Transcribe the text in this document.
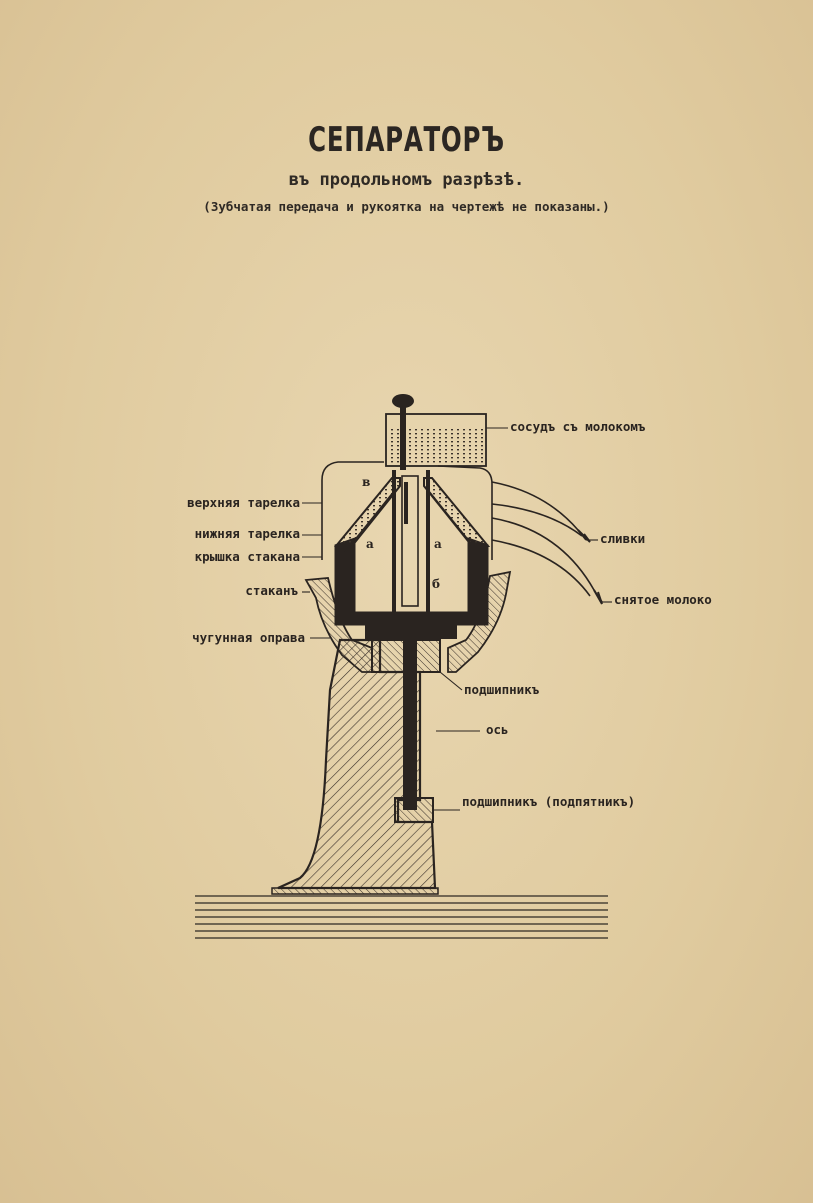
СЕПАРАТОРЪ
въ продольномъ разрѣзѣ.
(Зубчатая передача и рукоятка на чертежѣ не показаны.)
в
а	а
б
сосудъ съ молокомъ
верхняя тарелка
нижняя тарелка
крышка стакана
стаканъ
чугунная оправа
сливки
снятое молоко
подшипникъ
ось
подшипникъ (подпятникъ)
